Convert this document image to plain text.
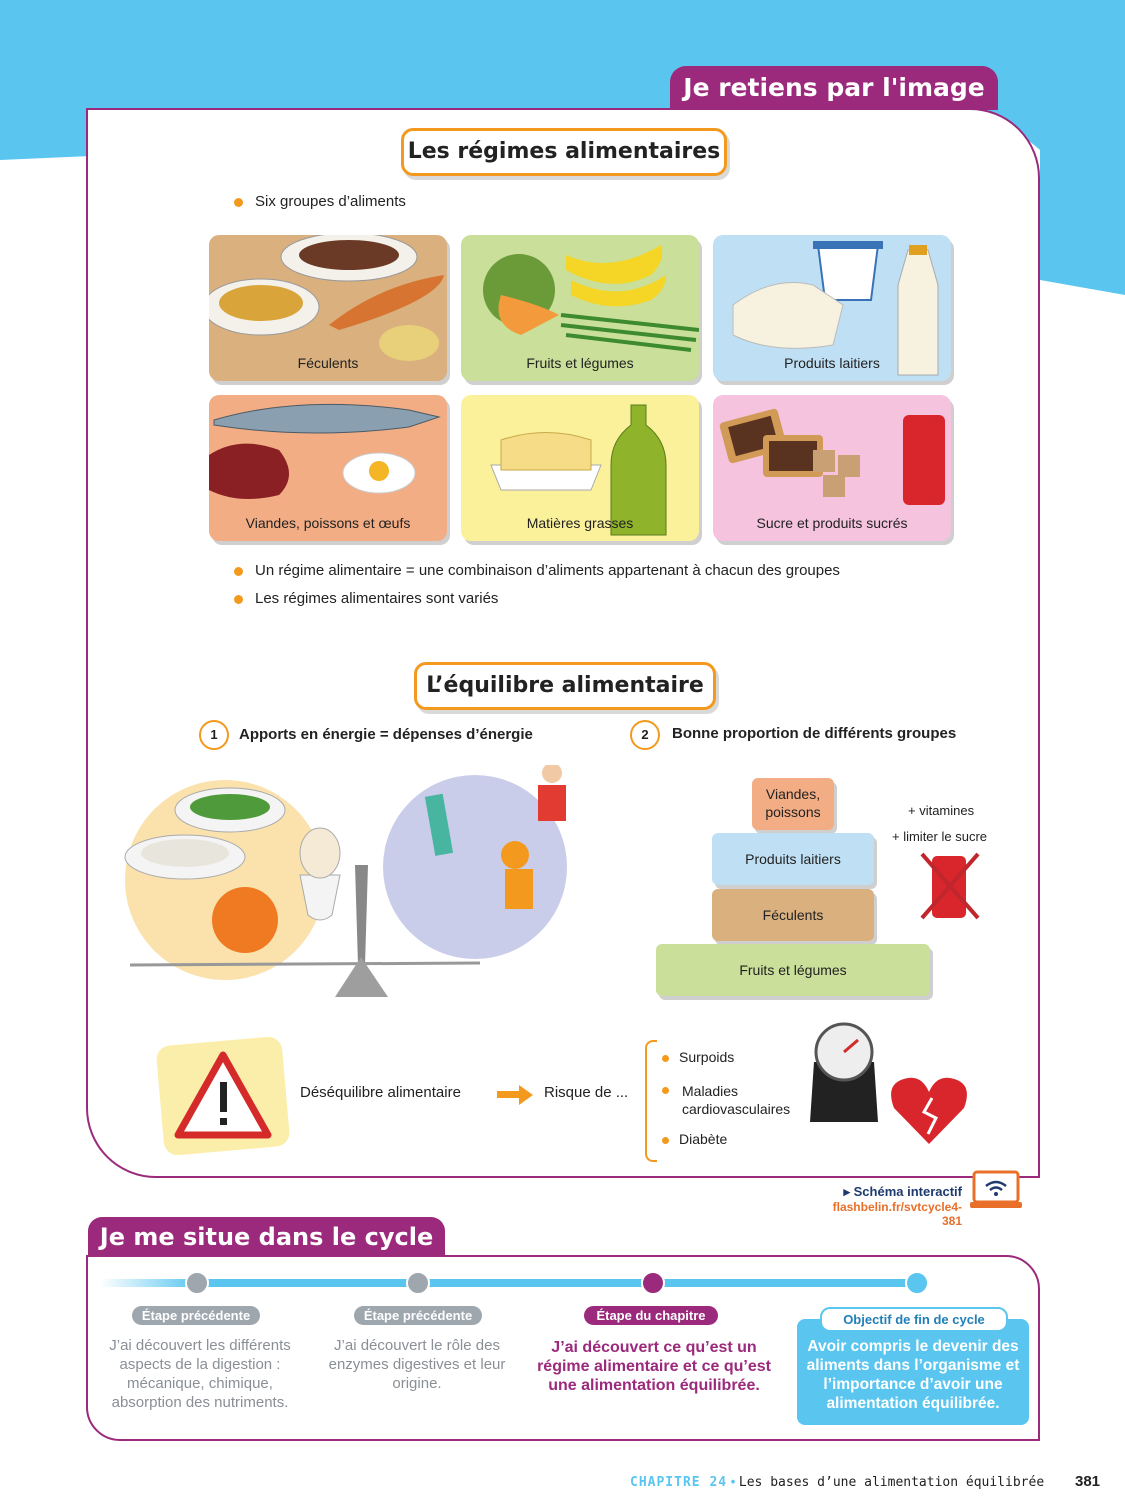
Je retiens par l'image
Les régimes alimentaires
Six groupes d’aliments
Féculents	Fruits et légumes	Produits laitiers
Viandes, poissons et œufs	Matières grasses	Sucre et produits sucrés
Un régime alimentaire = une combinaison d’aliments appartenant à chacun des groupes
Les régimes alimentaires sont variés
L’équilibre alimentaire
1	Apports en énergie = dépenses d’énergie	2	Bonne proportion de différents groupes
Viandes, poissons
Produits laitiers
Féculents
Fruits et légumes
+ vitamines
+ limiter le sucre
Déséquilibre alimentaire	Risque de ...
Surpoids
Maladies cardiovasculaires
Diabète
▸ Schéma interactif
flashbelin.fr/svtcycle4-381
Je me situe dans le cycle
Étape précédente	Étape précédente	Étape du chapitre
J’ai découvert les différents aspects de la digestion : mécanique, chimique, absorption des nutriments.
J’ai découvert le rôle des enzymes digestives et leur origine.
J’ai découvert ce qu’est un régime alimentaire et ce qu’est une alimentation équilibrée.
Avoir compris le devenir des aliments dans l’organisme et l’importance d’avoir une alimentation équilibrée.
Objectif de fin de cycle
CHAPITRE 24 • Les bases d’une alimentation équilibrée 381
